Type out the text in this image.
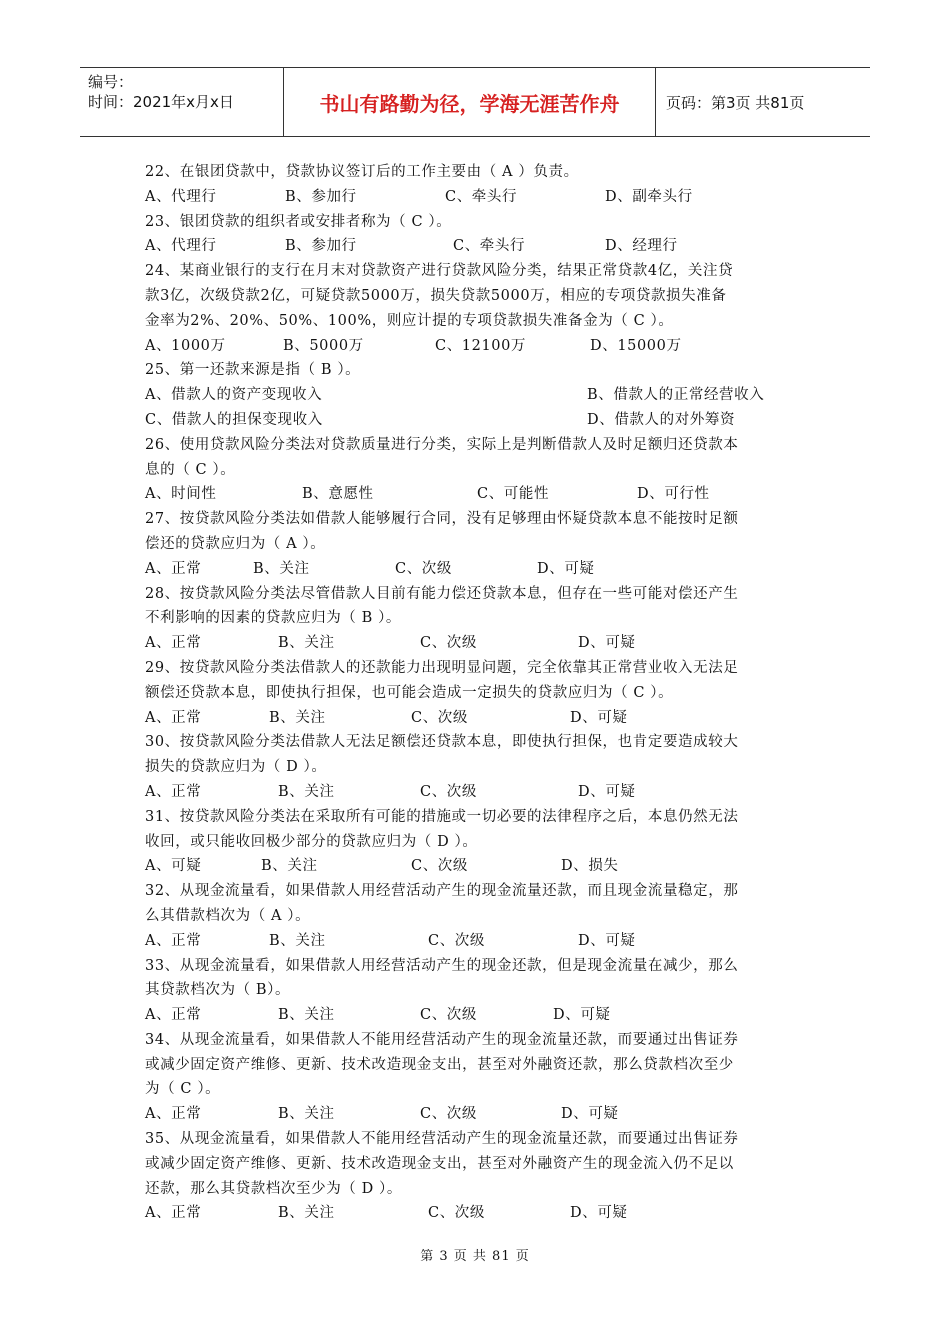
编号：
时间：2021年x月x日	书山有路勤为径，学海无涯苦作舟	页码：第3页 共81页
22、在银团贷款中，贷款协议签订后的工作主要由（ A ）负责。
A、代理行	B、参加行	C、牵头行	D、副牵头行
23、银团贷款的组织者或安排者称为（ C ）。
A、代理行	B、参加行	C、牵头行	D、经理行
24、某商业银行的支行在月末对贷款资产进行贷款风险分类，结果正常贷款4亿，关注贷
款3亿，次级贷款2亿，可疑贷款5000万，损失贷款5000万，相应的专项贷款损失准备
金率为2%、20%、50%、100%，则应计提的专项贷款损失准备金为（ C ）。
A、1000万	B、5000万	C、12100万	D、15000万
25、第一还款来源是指（ B ）。
A、借款人的资产变现收入	B、借款人的正常经营收入
C、借款人的担保变现收入	D、借款人的对外筹资
26、使用贷款风险分类法对贷款质量进行分类，实际上是判断借款人及时足额归还贷款本
息的（ C ）。
A、时间性	B、意愿性	C、可能性	D、可行性
27、按贷款风险分类法如借款人能够履行合同，没有足够理由怀疑贷款本息不能按时足额
偿还的贷款应归为（ A ）。
A、正常	B、关注	C、次级	D、可疑
28、按贷款风险分类法尽管借款人目前有能力偿还贷款本息，但存在一些可能对偿还产生
不利影响的因素的贷款应归为（ B ）。
A、正常	B、关注	C、次级	D、可疑
29、按贷款风险分类法借款人的还款能力出现明显问题，完全依靠其正常营业收入无法足
额偿还贷款本息，即使执行担保，也可能会造成一定损失的贷款应归为（ C ）。
A、正常	B、关注	C、次级	D、可疑
30、按贷款风险分类法借款人无法足额偿还贷款本息，即使执行担保，也肯定要造成较大
损失的贷款应归为（ D ）。
A、正常	B、关注	C、次级	D、可疑
31、按贷款风险分类法在采取所有可能的措施或一切必要的法律程序之后，本息仍然无法
收回，或只能收回极少部分的贷款应归为（ D ）。
A、可疑	B、关注	C、次级	D、损失
32、从现金流量看，如果借款人用经营活动产生的现金流量还款，而且现金流量稳定，那
么其借款档次为（ A ）。
A、正常	B、关注	C、次级	D、可疑
33、从现金流量看，如果借款人用经营活动产生的现金还款，但是现金流量在减少，那么
其贷款档次为（ B）。
A、正常	B、关注	C、次级	D、可疑
34、从现金流量看，如果借款人不能用经营活动产生的现金流量还款，而要通过出售证券
或减少固定资产维修、更新、技术改造现金支出，甚至对外融资还款，那么贷款档次至少
为（ C ）。
A、正常	B、关注	C、次级	D、可疑
35、从现金流量看，如果借款人不能用经营活动产生的现金流量还款，而要通过出售证券
或减少固定资产维修、更新、技术改造现金支出，甚至对外融资产生的现金流入仍不足以
还款，那么其贷款档次至少为（ D ）。
A、正常	B、关注	C、次级	D、可疑
第 3 页 共 81 页
